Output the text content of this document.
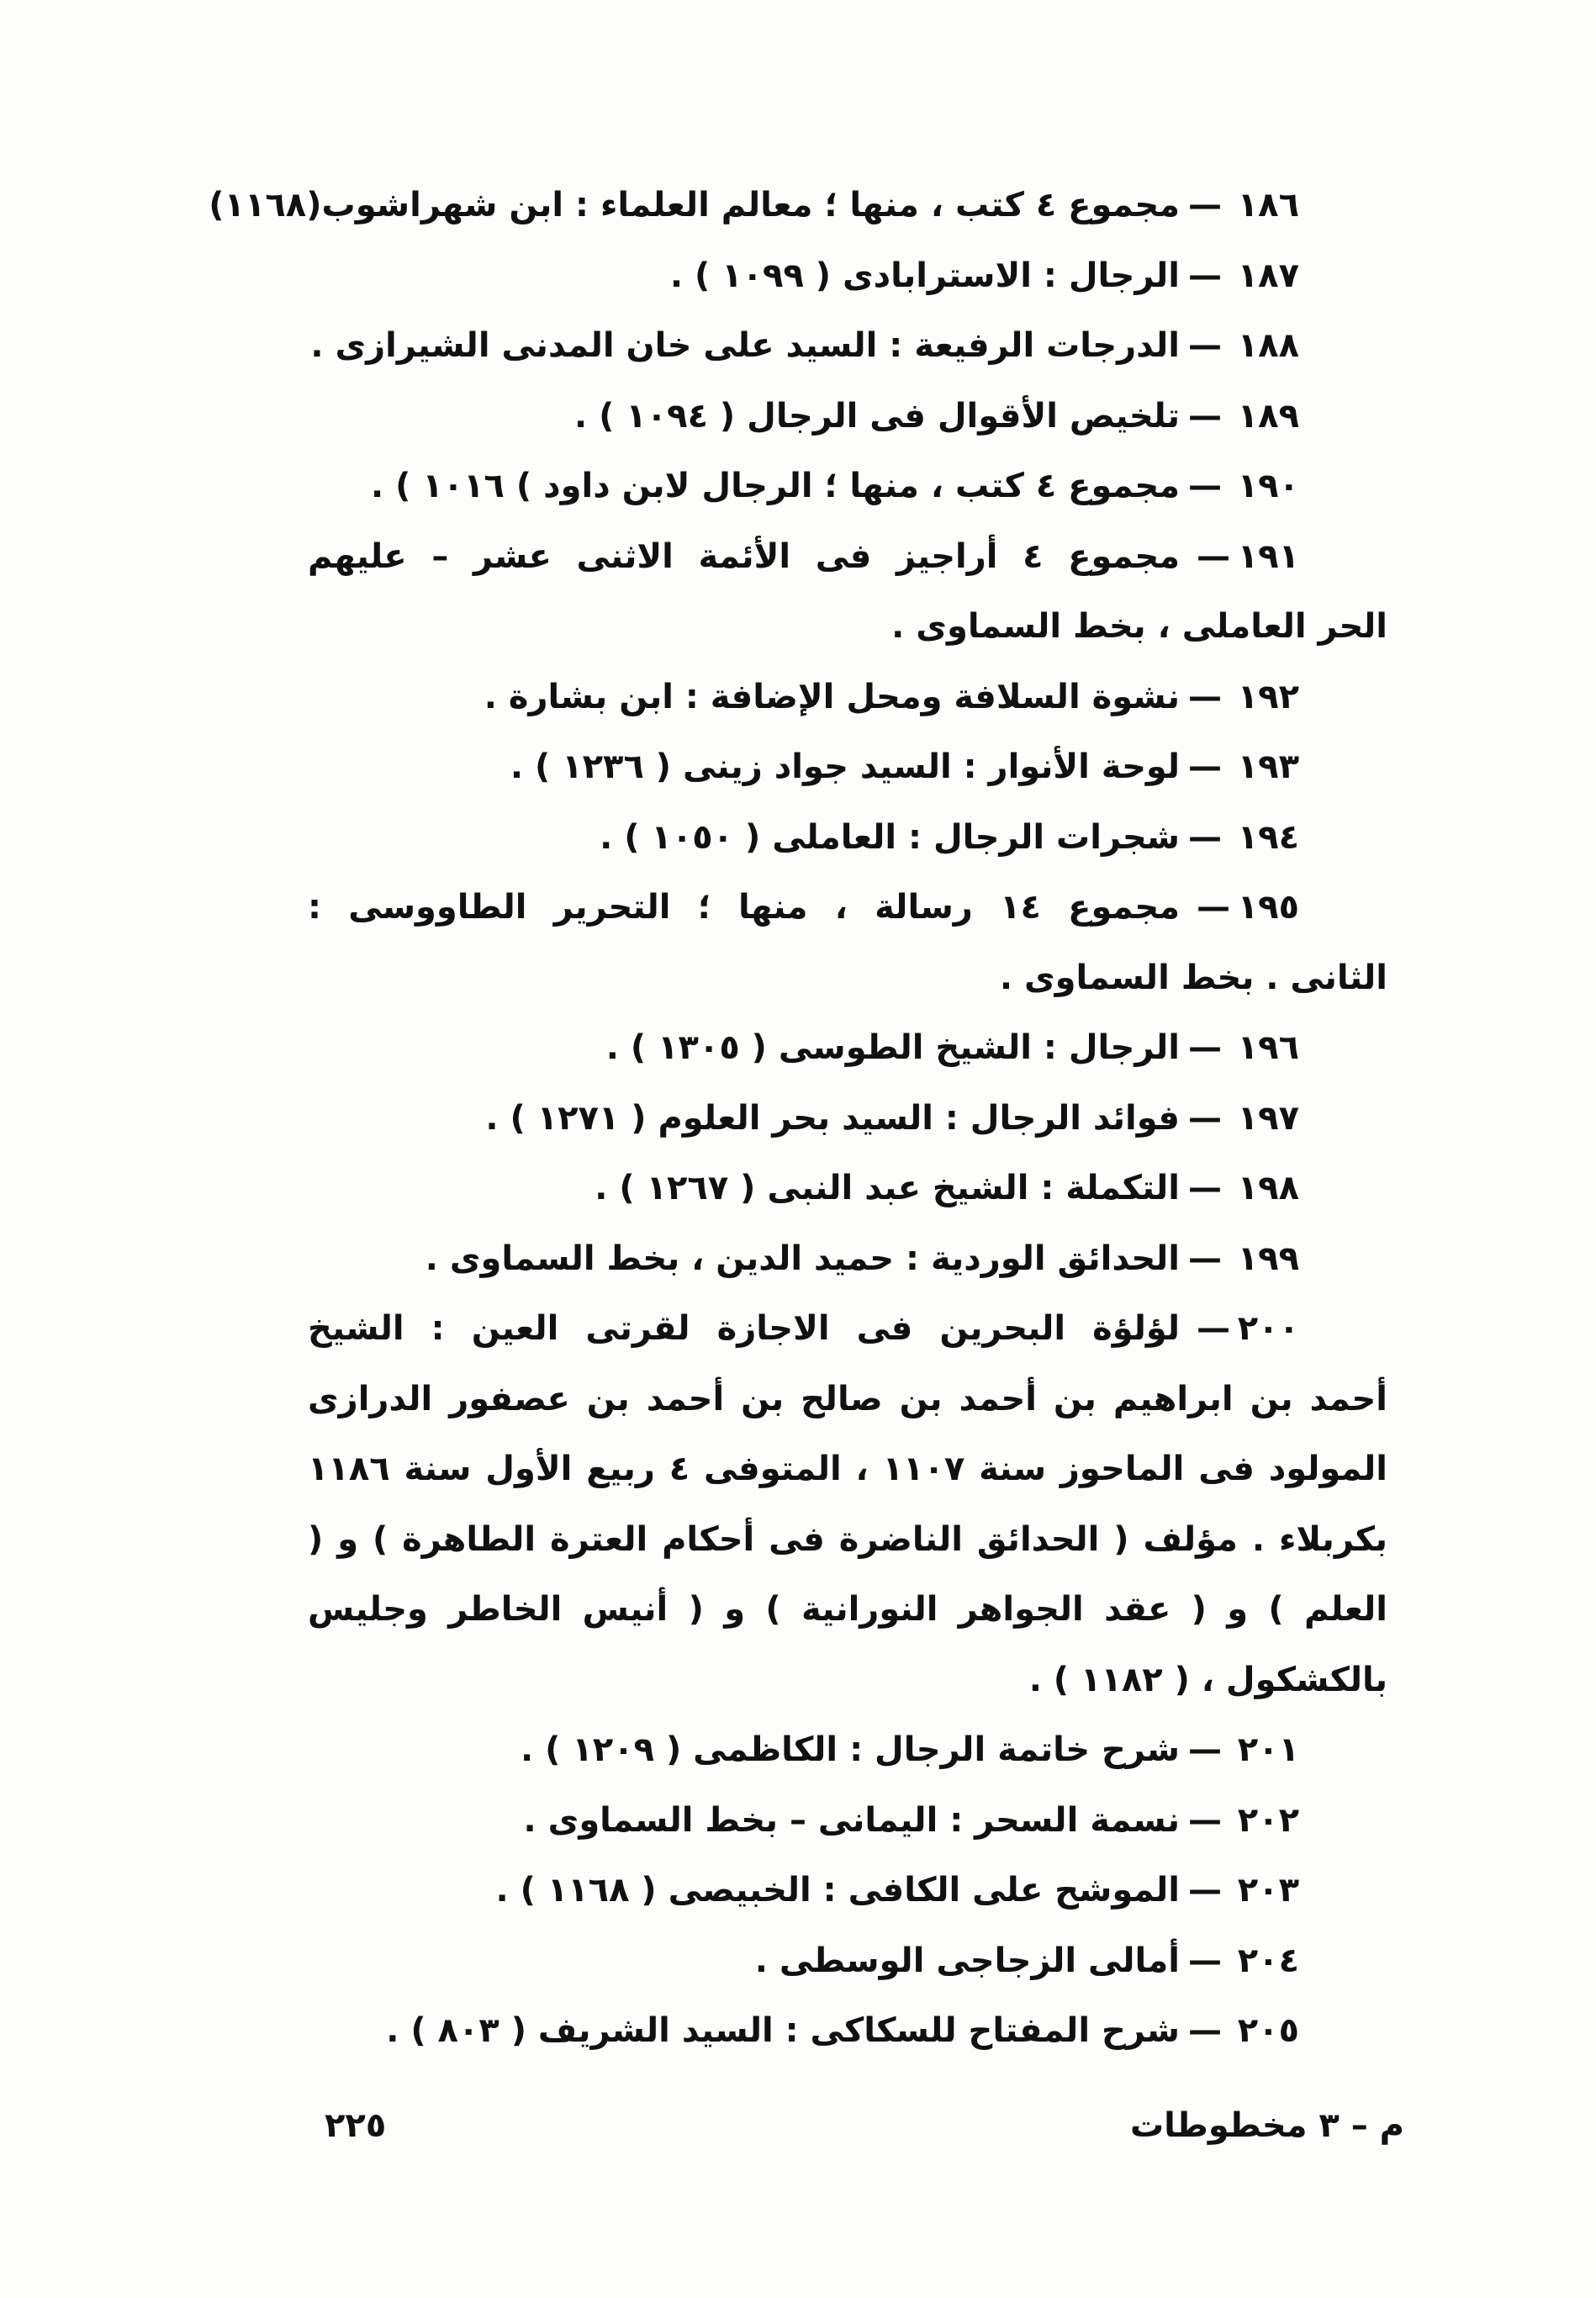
١٨٦—مجموع ٤ كتب ، منها ؛ معالم العلماء : ابن شهراشوب(١١٦٨)
١٨٧—الرجال : الاسترابادى ( ١٠٩٩ ) .
١٨٨—الدرجات الرفيعة : السيد على خان المدنى الشيرازى .
١٨٩—تلخيص الأقوال فى الرجال ( ١٠٩٤ ) .
١٩٠—مجموع ٤ كتب ، منها ؛ الرجال لابن داود ) ١٠١٦ ) .
١٩١—مجموع ٤ أراجيز فى الأئمة الاثنى عشر – عليهم
الحر العاملى ، بخط السماوى .
١٩٢—نشوة السلافة ومحل الإضافة : ابن بشارة .
١٩٣—لوحة الأنوار : السيد جواد زينى ( ١٢٣٦ ) .
١٩٤—شجرات الرجال : العاملى ( ١٠٥٠ ) .
١٩٥—مجموع ١٤ رسالة ، منها ؛ التحرير الطاووسى :
الثانى . بخط السماوى .
١٩٦—الرجال : الشيخ الطوسى ( ١٣٠٥ ) .
١٩٧—فوائد الرجال : السيد بحر العلوم ( ١٢٧١ ) .
١٩٨—التكملة : الشيخ عبد النبى ( ١٢٦٧ ) .
١٩٩—الحدائق الوردية : حميد الدين ، بخط السماوى .
٢٠٠—لؤلؤة البحرين فى الاجازة لقرتى العين : الشيخ
أحمد بن ابراهيم بن أحمد بن صالح بن أحمد بن عصفور الدرازى
المولود فى الماحوز سنة ١١٠٧ ، المتوفى ٤ ربيع الأول سنة ١١٨٦
بكربلاء . مؤلف ( الحدائق الناضرة فى أحكام العترة الطاهرة ) و (
العلم ) و ( عقد الجواهر النورانية ) و ( أنيس الخاطر وجليس
بالكشكول ، ( ١١٨٢ ) .
٢٠١—شرح خاتمة الرجال : الكاظمى ( ١٢٠٩ ) .
٢٠٢—نسمة السحر : اليمانى – بخط السماوى .
٢٠٣—الموشح على الكافى : الخبيصى ( ١١٦٨ ) .
٢٠٤—أمالى الزجاجى الوسطى .
٢٠٥—شرح المفتاح للسكاكى : السيد الشريف ( ٨٠٣ ) .
م – ٣ مخطوطات
٢٢٥
